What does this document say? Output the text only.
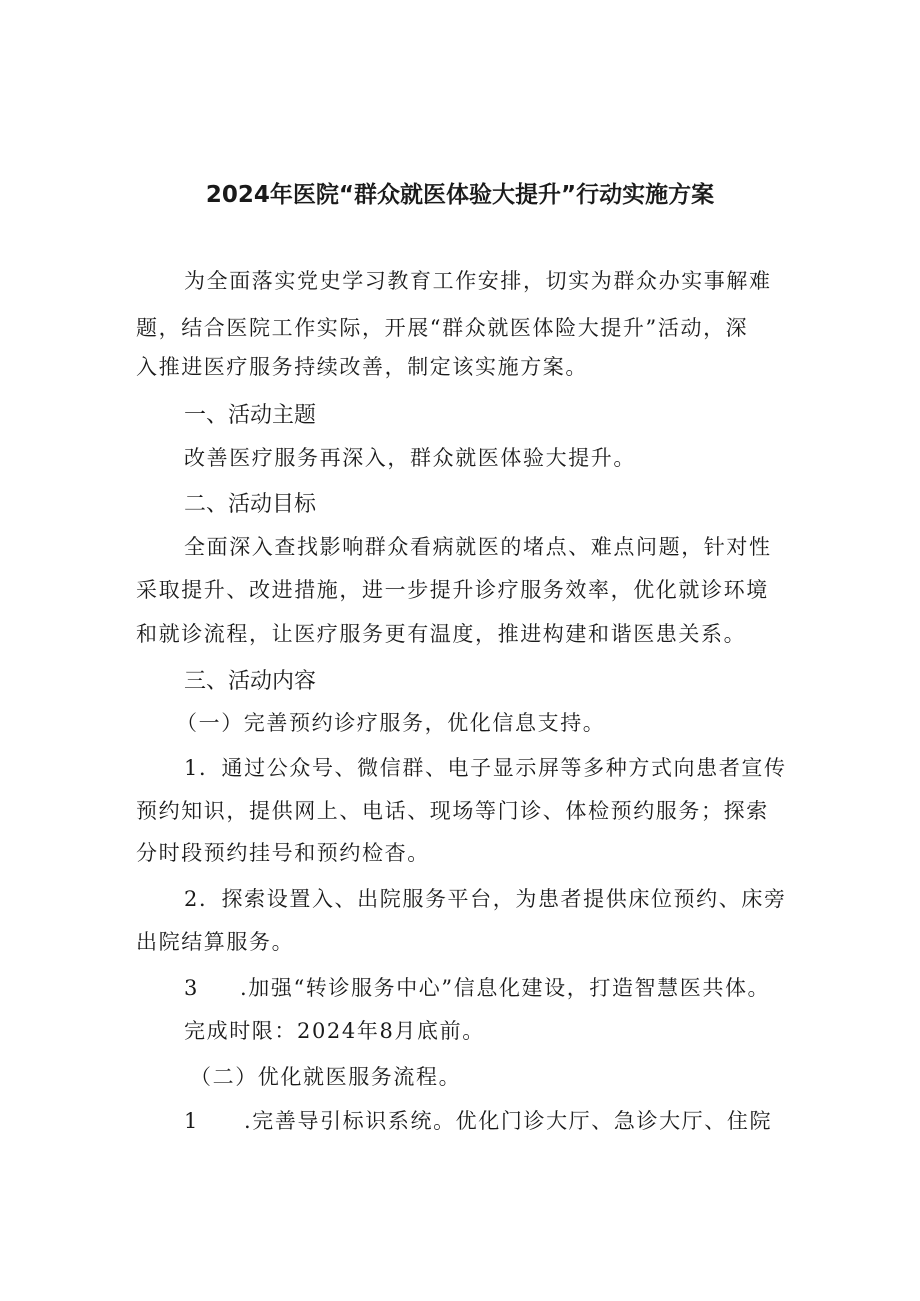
2024年医院“群众就医体验大提升”行动实施方案
为全面落实党史学习教育工作安排，切实为群众办实事解难
题，结合医院工作实际，开展“群众就医体险大提升”活动，深
入推进医疗服务持续改善，制定该实施方案。
一、活动主题
改善医疗服务再深入，群众就医体验大提升。
二、活动目标
全面深入查找影响群众看病就医的堵点、难点问题，针对性
采取提升、改进措施，进一步提升诊疗服务效率，优化就诊环境
和就诊流程，让医疗服务更有温度，推进构建和谐医患关系。
三、活动内容
（一）完善预约诊疗服务，优化信息支持。
1．通过公众号、微信群、电子显示屏等多种方式向患者宣传
预约知识，提供网上、电话、现场等门诊、体检预约服务；探索
分时段预约挂号和预约检杳。
2．探索设置入、出院服务平台，为患者提供床位预约、床旁
出院结算服务。
3 .加强“转诊服务中心”信息化建设，打造智慧医共体。
完成时限：2024年8月底前。
（二）优化就医服务流程。
1 .完善导引标识系统。优化门诊大厅、急诊大厅、住院
